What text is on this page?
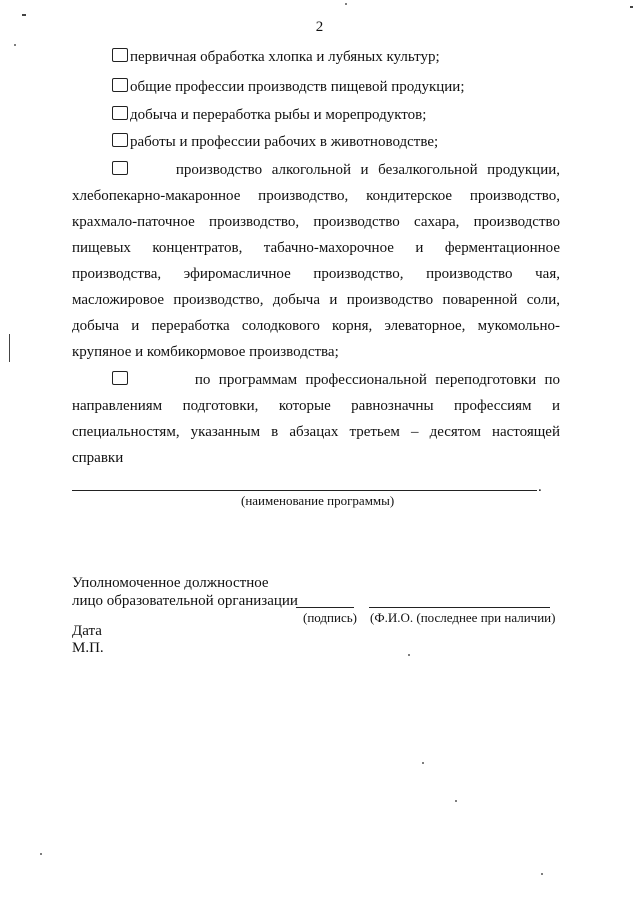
2
первичная обработка хлопка и лубяных культур;
общие профессии производств пищевой продукции;
добыча и переработка рыбы и морепродуктов;
работы и профессии рабочих в животноводстве;
производство алкогольной и безалкогольной продукции,
хлебопекарно-макаронное производство, кондитерское производство,
крахмало-паточное производство, производство сахара, производство
пищевых концентратов, табачно-махорочное и ферментационное
производства, эфиромасличное производство, производство чая,
масложировое производство, добыча и производство поваренной соли,
добыча и переработка солодкового корня, элеваторное, мукомольно-
крупяное и комбикормовое производства;
по программам профессиональной переподготовки по
направлениям подготовки, которые равнозначны профессиям и
специальностям, указанным в абзацах третьем – десятом настоящей
справки
.
(наименование программы)
Уполномоченное должностное
лицо образовательной организации
(подпись) (Ф.И.О. (последнее при наличии)
Дата
М.П.
